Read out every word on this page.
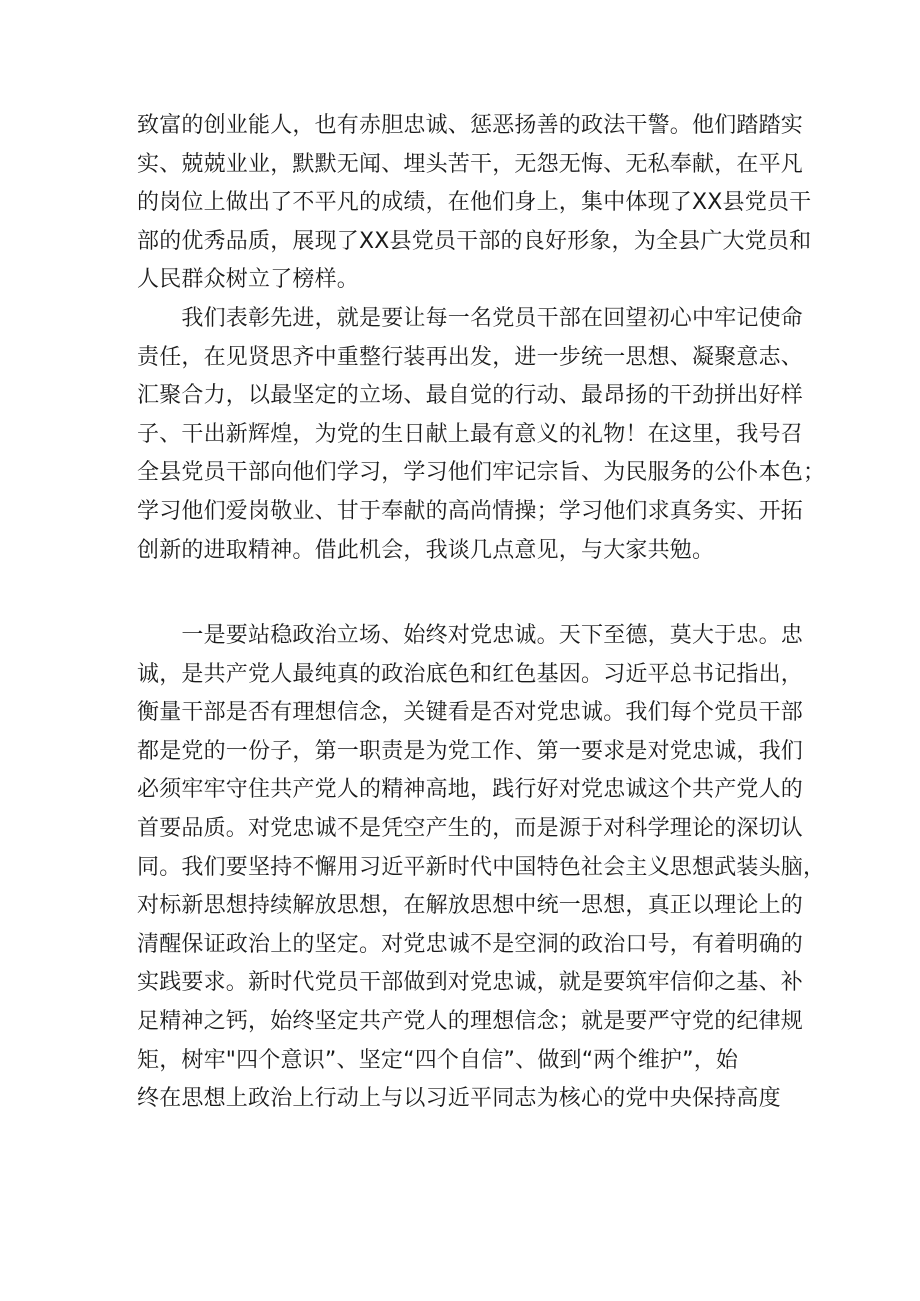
致富的创业能人，也有赤胆忠诚、惩恶扬善的政法干警。他们踏踏实
实、兢兢业业，默默无闻、埋头苦干，无怨无悔、无私奉献，在平凡
的岗位上做出了不平凡的成绩，在他们身上，集中体现了XX县党员干
部的优秀品质，展现了XX县党员干部的良好形象，为全县广大党员和
人民群众树立了榜样。
　　我们表彰先进，就是要让每一名党员干部在回望初心中牢记使命
责任，在见贤思齐中重整行装再出发，进一步统一思想、凝聚意志、
汇聚合力，以最坚定的立场、最自觉的行动、最昂扬的干劲拼出好样
子、干出新辉煌，为党的生日献上最有意义的礼物！在这里，我号召
全县党员干部向他们学习，学习他们牢记宗旨、为民服务的公仆本色；
学习他们爱岗敬业、甘于奉献的高尚情操；学习他们求真务实、开拓
创新的进取精神。借此机会，我谈几点意见，与大家共勉。
　　一是要站稳政治立场、始终对党忠诚。天下至德，莫大于忠。忠
诚，是共产党人最纯真的政治底色和红色基因。习近平总书记指出，
衡量干部是否有理想信念，关键看是否对党忠诚。我们每个党员干部
都是党的一份子，第一职责是为党工作、第一要求是对党忠诚，我们
必须牢牢守住共产党人的精神高地，践行好对党忠诚这个共产党人的
首要品质。对党忠诚不是凭空产生的，而是源于对科学理论的深切认
同。我们要坚持不懈用习近平新时代中国特色社会主义思想武装头脑，
对标新思想持续解放思想，在解放思想中统一思想，真正以理论上的
清醒保证政治上的坚定。对党忠诚不是空洞的政治口号，有着明确的
实践要求。新时代党员干部做到对党忠诚，就是要筑牢信仰之基、补
足精神之钙，始终坚定共产党人的理想信念；就是要严守党的纪律规
矩，树牢"四个意识”、坚定“四个自信”、做到“两个维护”，始
终在思想上政治上行动上与以习近平同志为核心的党中央保持高度
